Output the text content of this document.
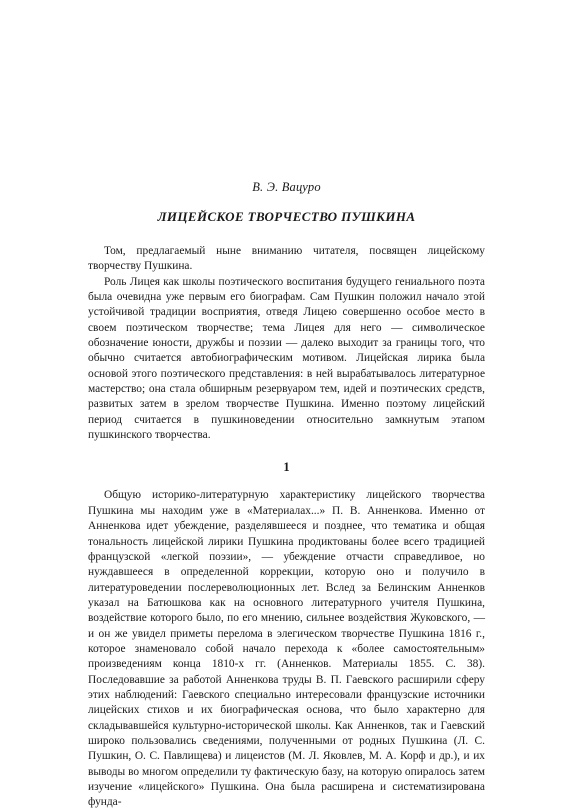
В. Э. Вацуро
ЛИЦЕЙСКОЕ ТВОРЧЕСТВО ПУШКИНА

Том, предлагаемый ныне вниманию читателя, посвящен лицейскому творчеству Пушкина.

Роль Лицея как школы поэтического воспитания будущего гениального поэта была очевидна уже первым его биографам. Сам Пушкин положил начало этой устойчивой традиции восприятия, отведя Лицею совершенно особое место в своем поэтическом творчестве; тема Лицея для него — символическое обозначение юности, дружбы и поэзии — далеко выходит за границы того, что обычно считается автобиографическим мотивом. Лицейская лирика была основой этого поэтического представления: в ней вырабатывалось литературное мастерство; она стала обширным резервуаром тем, идей и поэтических средств, развитых затем в зрелом творчестве Пушкина. Именно поэтому лицейский период считается в пушкиноведении относительно замкнутым этапом пушкинского творчества.

1

Общую историко-литературную характеристику лицейского творчества Пушкина мы находим уже в «Материалах...» П. В. Анненкова. Именно от Анненкова идет убеждение, разделявшееся и позднее, что тематика и общая тональность лицейской лирики Пушкина продиктованы более всего традицией французской «легкой поэзии», — убеждение отчасти справедливое, но нуждавшееся в определенной коррекции, которую оно и получило в литературоведении послереволюционных лет. Вслед за Белинским Анненков указал на Батюшкова как на основного литературного учителя Пушкина, воздействие которого было, по его мнению, сильнее воздействия Жуковского, — и он же увидел приметы перелома в элегическом творчестве Пушкина 1816 г., которое знаменовало собой начало перехода к «более самостоятельным» произведениям конца 1810-х гг. (Анненков. Материалы 1855. С. 38). Последовавшие за работой Анненкова труды В. П. Гаевского расширили сферу этих наблюдений: Гаевского специально интересовали французские источники лицейских стихов и их биографическая основа, что было характерно для складывавшейся культурно-исторической школы. Как Анненков, так и Гаевский широко пользовались сведениями, полученными от родных Пушкина (Л. С. Пушкин, О. С. Павлищева) и лицеистов (М. Л. Яковлев, М. А. Корф и др.), и их выводы во многом определили ту фактическую базу, на которую опиралось затем изучение «лицейского» Пушкина. Она была расширена и систематизирована фунда-
